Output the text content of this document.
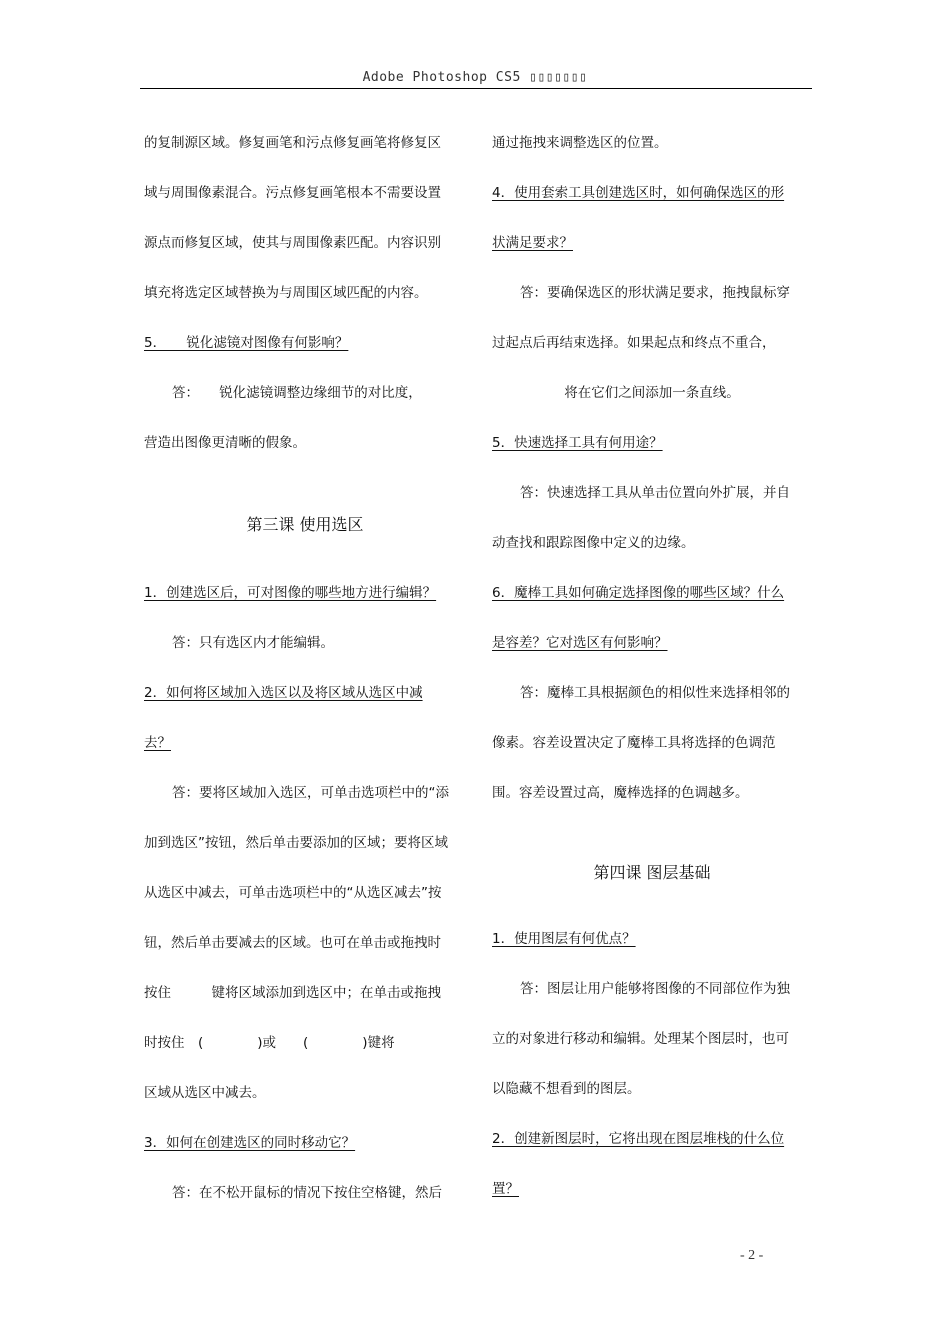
Adobe Photoshop CS5 ▯▯▯▯▯▯▯
的复制源区域。修复画笔和污点修复画笔将修复区
域与周围像素混合。污点修复画笔根本不需要设置
源点而修复区域，使其与周围像素匹配。内容识别
填充将选定区域替换为与周围区域匹配的内容。
5．　　锐化滤镜对图像有何影响？
答：　　锐化滤镜调整边缘细节的对比度，
营造出图像更清晰的假象。
第三课 使用选区
1．创建选区后，可对图像的哪些地方进行编辑？
答：只有选区内才能编辑。
2．如何将区域加入选区以及将区域从选区中减
去？
答：要将区域加入选区，可单击选项栏中的“添
加到选区”按钮，然后单击要添加的区域；要将区域
从选区中减去，可单击选项栏中的“从选区减去”按
钮，然后单击要减去的区域。也可在单击或拖拽时
按住　　　键将区域添加到选区中；在单击或拖拽
时按住　(　　　　)或　　(　　　　)键将
区域从选区中减去。
3．如何在创建选区的同时移动它？
答：在不松开鼠标的情况下按住空格键，然后
通过拖拽来调整选区的位置。
4．使用套索工具创建选区时，如何确保选区的形
状满足要求？
答：要确保选区的形状满足要求，拖拽鼠标穿
过起点后再结束选择。如果起点和终点不重合，
将在它们之间添加一条直线。
5．快速选择工具有何用途？
答：快速选择工具从单击位置向外扩展，并自
动查找和跟踪图像中定义的边缘。
6．魔棒工具如何确定选择图像的哪些区域？什么
是容差？它对选区有何影响？
答：魔棒工具根据颜色的相似性来选择相邻的
像素。容差设置决定了魔棒工具将选择的色调范
围。容差设置过高，魔棒选择的色调越多。
第四课 图层基础
1．使用图层有何优点？
答：图层让用户能够将图像的不同部位作为独
立的对象进行移动和编辑。处理某个图层时，也可
以隐藏不想看到的图层。
2．创建新图层时，它将出现在图层堆栈的什么位
置？
- 2 -
